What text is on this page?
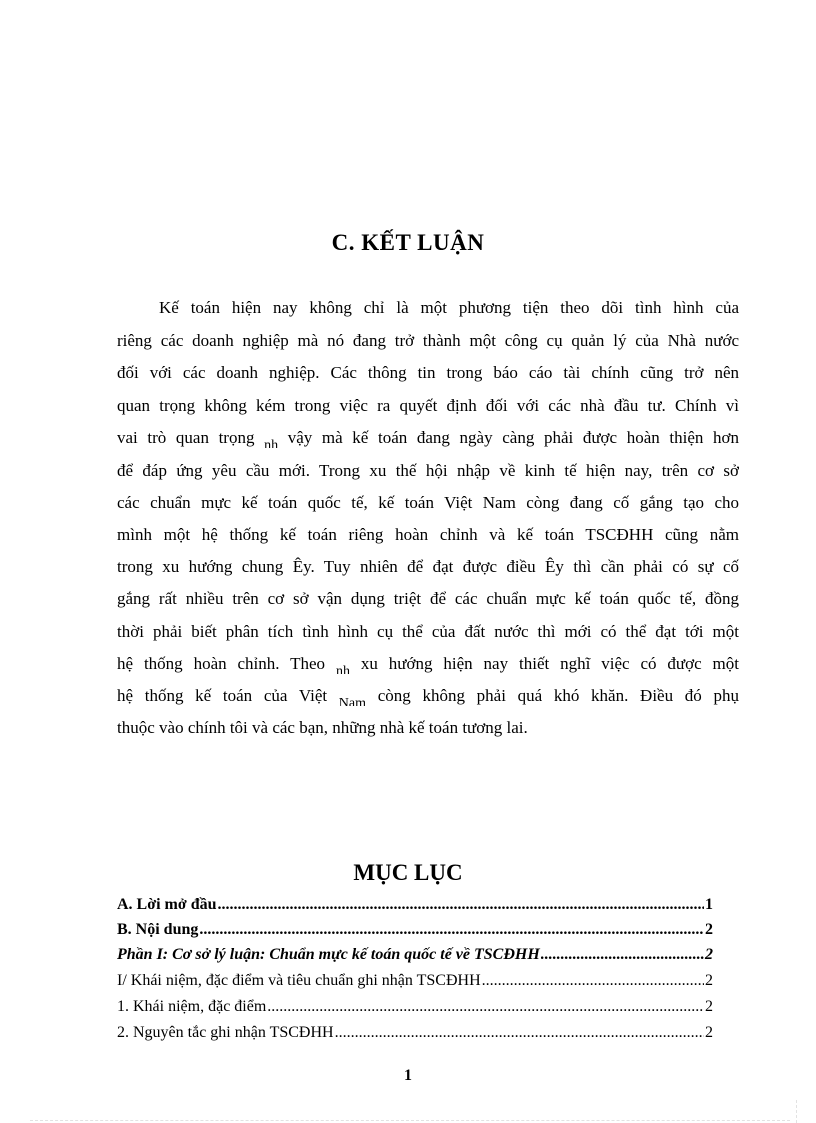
C. KẾT LUẬN
Kế toán hiện nay không chỉ là một phương tiện theo dõi tình hình của
riêng các doanh nghiệp mà nó đang trở thành một công cụ quản lý của Nhà nước
đối với các doanh nghiệp. Các thông tin trong báo cáo tài chính cũng trở nên
quan trọng không kém trong việc ra quyết định đối với các nhà đầu tư. Chính vì
vai trò quan trọng $_{nh}$ vậy mà kế toán đang ngày càng phải được hoàn thiện hơn
để đáp ứng yêu cầu mới. Trong xu thế hội nhập về kinh tế hiện nay, trên cơ sở
các chuẩn mực kế toán quốc tế, kế toán Việt Nam còng đang cố gắng tạo cho
mình một hệ thống kế toán riêng hoàn chỉnh và kế toán TSCĐHH cũng nằm
trong xu hướng chung Êy. Tuy nhiên để đạt được điều Êy thì cần phải có sự cố
gắng rất nhiều trên cơ sở vận dụng triệt để các chuẩn mực kế toán quốc tế, đồng
thời phải biết phân tích tình hình cụ thể của đất nước thì mới có thể đạt tới một
hệ thống hoàn chỉnh. Theo $_{nh}$ xu hướng hiện nay thiết nghĩ việc có được một
hệ thống kế toán của Việt $_{Nam}$ còng không phải quá khó khăn. Điều đó phụ
thuộc vào chính tôi và các bạn, những nhà kế toán tương lai.
MỤC LỤC
A. Lời mở đầu .....	1
B. Nội dung .....	2
Phần I: Cơ sở lý luận: Chuẩn mực kế toán quốc tế về TSCĐHH .....	2
I/ Khái niệm, đặc điểm và tiêu chuẩn ghi nhận TSCĐHH .....	2
1. Khái niệm, đặc điểm .....	2
2. Nguyên tắc ghi nhận TSCĐHH .....	2
1
